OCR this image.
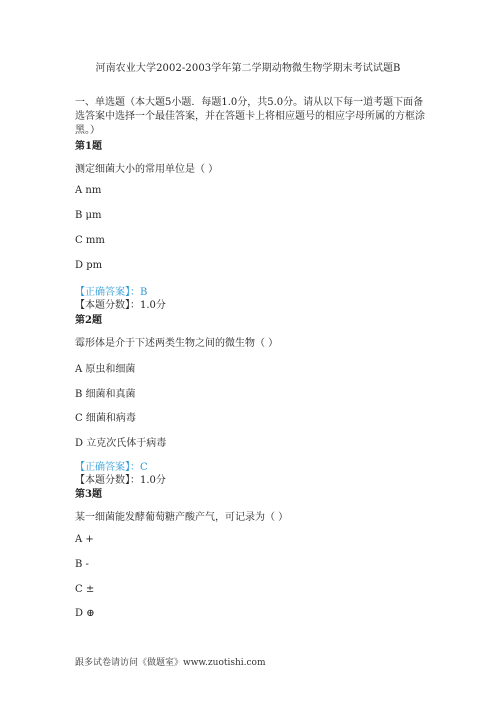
河南农业大学2002-2003学年第二学期动物微生物学期末考试试题B
一、单选题（本大题5小题．每题1.0分，共5.0分。请从以下每一道考题下面备选答案中选择一个最佳答案，并在答题卡上将相应题号的相应字母所属的方框涂黑。）
第1题
测定细菌大小的常用单位是（ ）
A nm
B μm
C mm
D pm
【正确答案】：B
【本题分数】：1.0分
第2题
霉形体是介于下述两类生物之间的微生物（ ）
A 原虫和细菌
B 细菌和真菌
C 细菌和病毒
D 立克次氏体于病毒
【正确答案】：C
【本题分数】：1.0分
第3题
某一细菌能发酵葡萄糖产酸产气，可记录为（ ）
A +
B -
C ±
D ⊕
跟多试卷请访问《做题室》www.zuotishi.com
